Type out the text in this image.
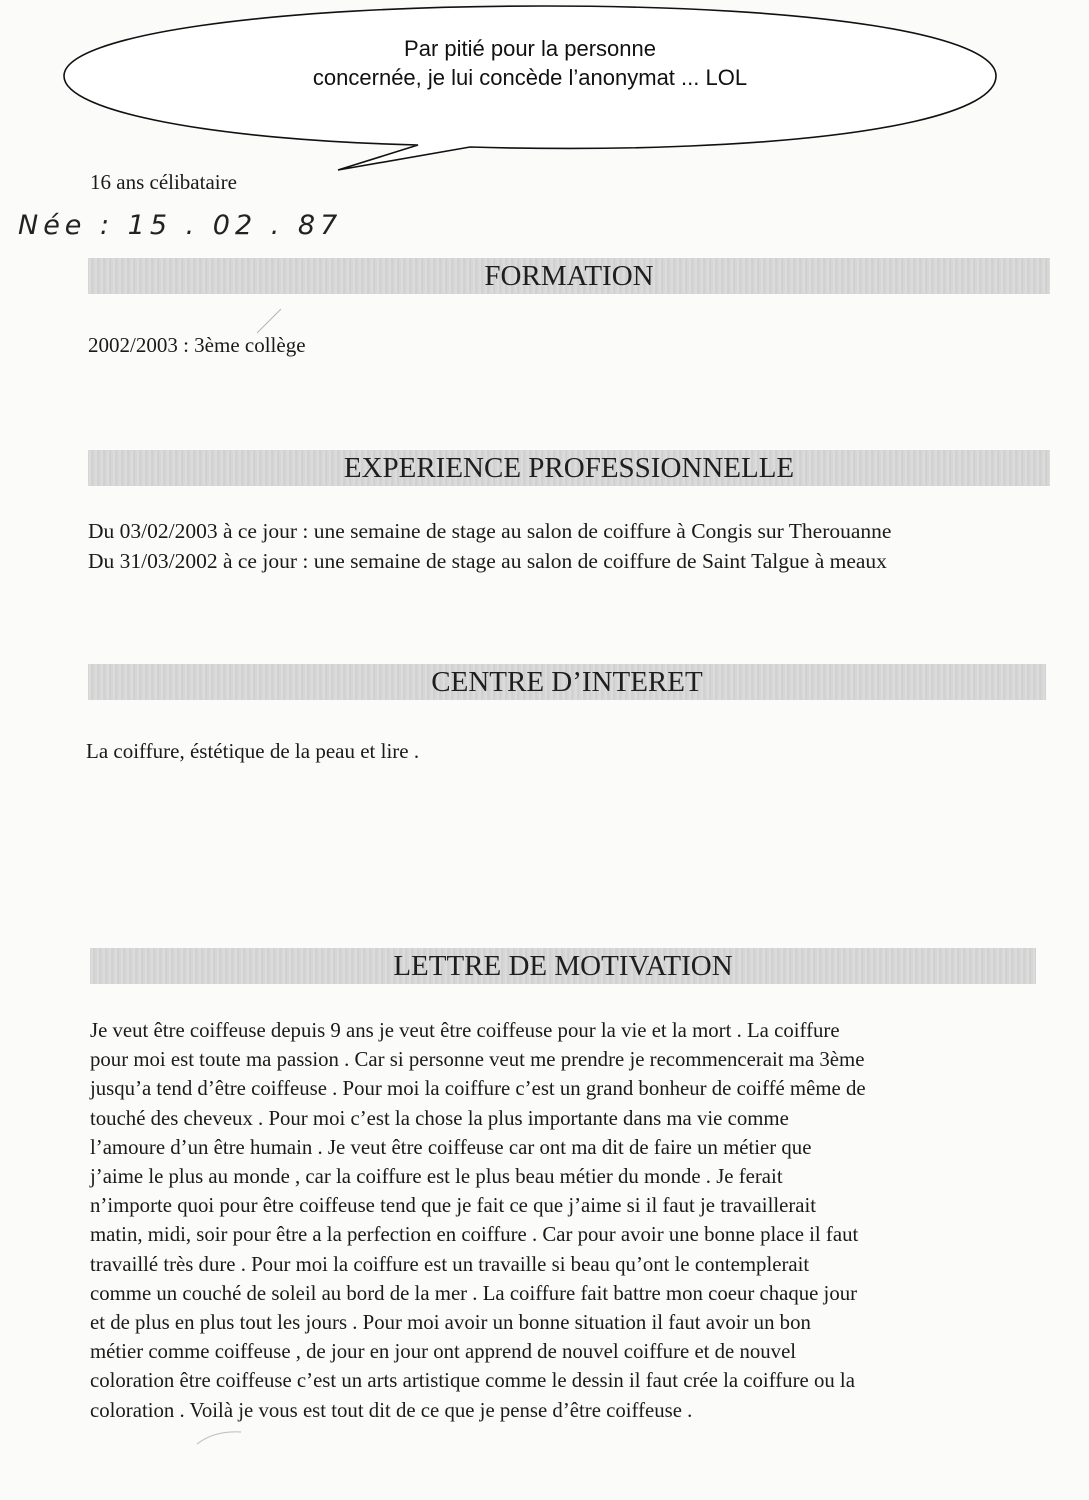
Par pitié pour la personne
concernée, je lui concède l’anonymat ... LOL
16 ans célibataire
Née : 15 . 02 . 87
FORMATION
2002/2003 : 3ème collège
EXPERIENCE PROFESSIONNELLE
Du 03/02/2003 à ce jour : une semaine de stage au salon de coiffure à Congis sur Therouanne
Du 31/03/2002 à ce jour : une semaine de stage au salon de coiffure de Saint Talgue à meaux
CENTRE D’INTERET
La coiffure, éstétique de la peau et lire .
LETTRE DE MOTIVATION
Je veut être coiffeuse depuis 9 ans je veut être coiffeuse pour la vie et la mort . La coiffure
pour moi est toute ma passion . Car si personne veut me prendre je recommencerait ma 3ème
jusqu’a tend d’être coiffeuse . Pour moi la coiffure c’est un grand bonheur de coiffé même de
touché des cheveux . Pour moi c’est la chose la plus importante dans ma vie comme
l’amoure d’un être humain . Je veut être coiffeuse car ont ma dit de faire un métier que
j’aime le plus au monde , car la coiffure est le plus beau métier du monde . Je ferait
n’importe quoi pour être coiffeuse tend que je fait ce que j’aime si il faut je travaillerait
matin, midi, soir pour être a la perfection en coiffure . Car pour avoir une bonne place il faut
travaillé très dure . Pour moi la coiffure est un travaille si beau qu’ont le contemplerait
comme un couché de soleil au bord de la mer . La coiffure fait battre mon coeur chaque jour
et de plus en plus tout les jours . Pour moi avoir un bonne situation il faut avoir un bon
métier comme coiffeuse , de jour en jour ont apprend de nouvel coiffure et de nouvel
coloration être coiffeuse c’est un arts artistique comme le dessin il faut crée la coiffure ou la
coloration . Voilà je vous est tout dit de ce que je pense d’être coiffeuse .
